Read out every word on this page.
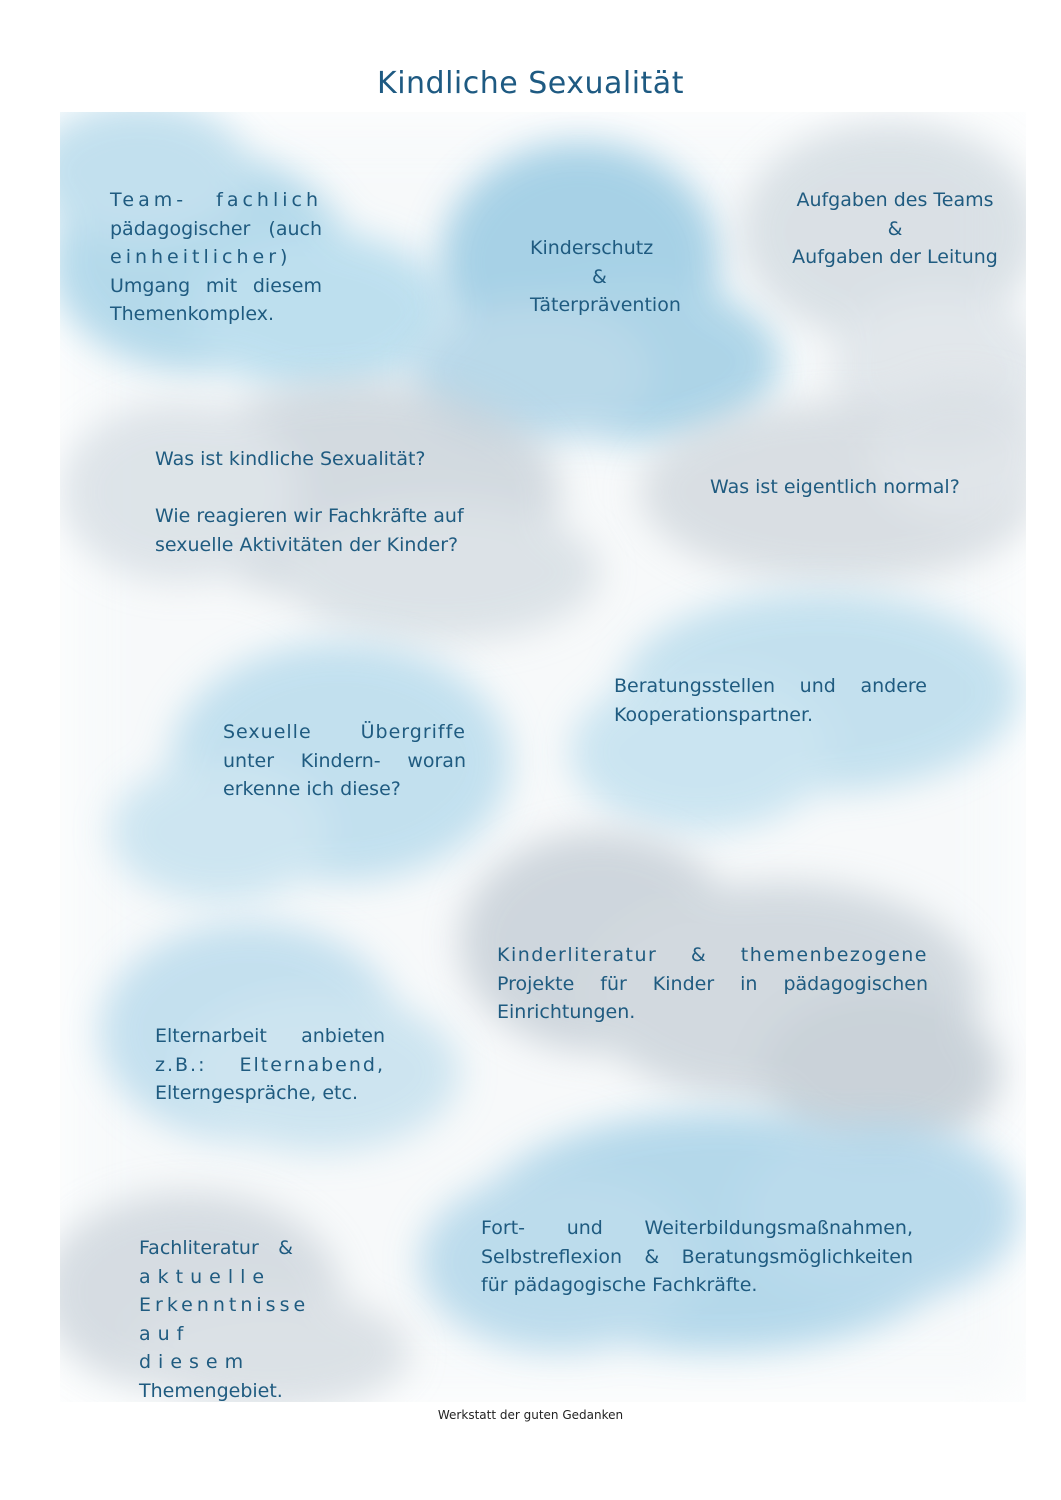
Kindliche Sexualität
Team- fachlich
pädagogischer (auch
einheitlicher)
Umgang mit diesem
Themenkomplex.
Kinderschutz
&
Täterprävention
Aufgaben des Teams
&
Aufgaben der Leitung
Was ist kindliche Sexualität?
Wie reagieren wir Fachkräfte auf
sexuelle Aktivitäten der Kinder?
Was ist eigentlich normal?
Beratungsstellen und andere
Kooperationspartner.
Sexuelle Übergriffe
unter Kindern- woran
erkenne ich diese?
Kinderliteratur & themenbezogene
Projekte für Kinder in pädagogischen
Einrichtungen.
Elternarbeit anbieten
z.B.: Elternabend,
Elterngespräche, etc.
Fort- und Weiterbildungsmaßnahmen,
Selbstreflexion & Beratungsmöglichkeiten
für pädagogische Fachkräfte.
Fachliteratur &
aktuelle
Erkenntnisse
auf diesem
Themengebiet.
Werkstatt der guten Gedanken
